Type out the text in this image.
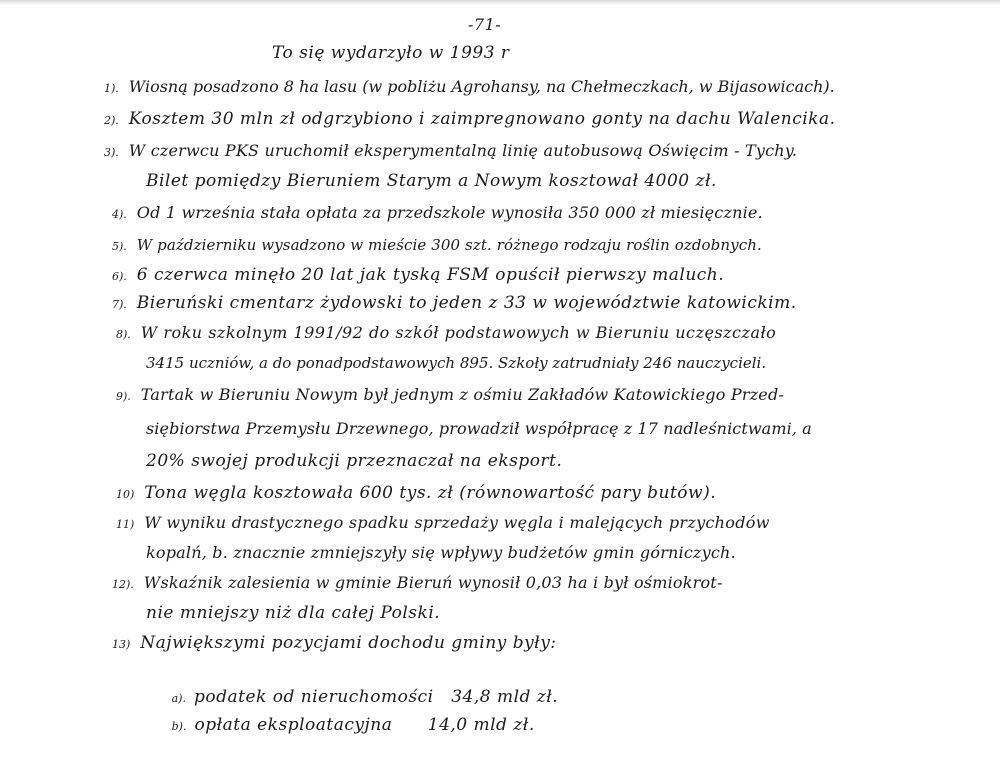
-71-
To się wydarzyło w 1993 r
1). Wiosną posadzono 8 ha lasu (w pobliżu Agrohansy, na Chełmeczkach, w Bijasowicach).
2). Kosztem 30 mln zł odgrzybiono i zaimpregnowano gonty na dachu Walencika.
3). W czerwcu PKS uruchomił eksperymentalną linię autobusową Oświęcim - Tychy.
Bilet pomiędzy Bieruniem Starym a Nowym kosztował 4000 zł.
4). Od 1 września stała opłata za przedszkole wynosiła 350 000 zł miesięcznie.
5). W październiku wysadzono w mieście 300 szt. różnego rodzaju roślin ozdobnych.
6). 6 czerwca minęło 20 lat jak tyską FSM opuścił pierwszy maluch.
7). Bieruński cmentarz żydowski to jeden z 33 w województwie katowickim.
8). W roku szkolnym 1991/92 do szkół podstawowych w Bieruniu uczęszczało
3415 uczniów, a do ponadpodstawowych 895. Szkoły zatrudniały 246 nauczycieli.
9). Tartak w Bieruniu Nowym był jednym z ośmiu Zakładów Katowickiego Przed-
siębiorstwa Przemysłu Drzewnego, prowadził współpracę z 17 nadleśnictwami, a
20% swojej produkcji przeznaczał na eksport.
10) Tona węgla kosztowała 600 tys. zł (równowartość pary butów).
11) W wyniku drastycznego spadku sprzedaży węgla i malejących przychodów
kopalń, b. znacznie zmniejszyły się wpływy budżetów gmin górniczych.
12). Wskaźnik zalesienia w gminie Bieruń wynosił 0,03 ha i był ośmiokrot-
nie mniejszy niż dla całej Polski.
13) Największymi pozycjami dochodu gminy były:

a). podatek od nieruchomości   34,8 mld zł.

b). opłata eksploatacyjna      14,0 mld zł.
